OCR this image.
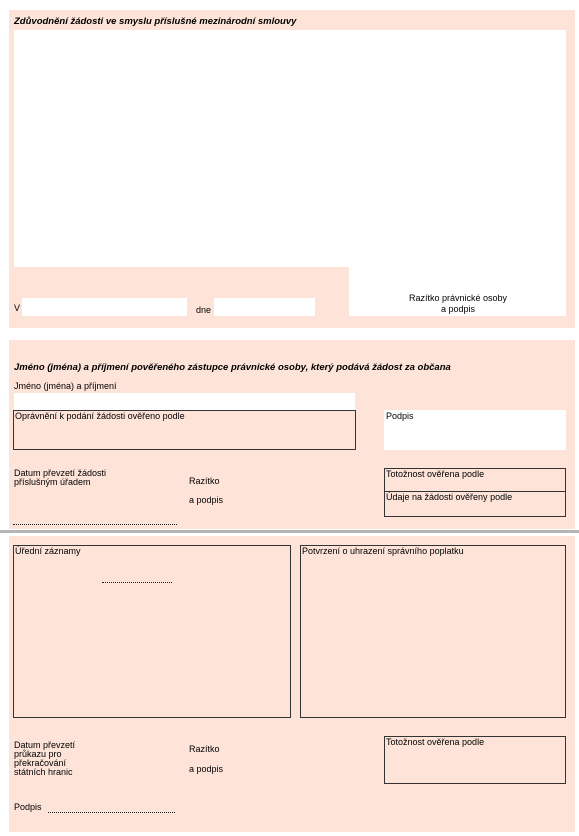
Zdůvodnění žádosti ve smyslu příslušné mezinárodní smlouvy
V	dne
Razítko právnické osoby
a podpis
Jméno (jména) a příjmení pověřeného zástupce právnické osoby, který podává žádost za občana
Jméno (jména) a příjmení
Oprávnění k podání žádosti ověřeno podle	Podpis
Datum převzetí žádosti
příslušným úřadem	Razítko
a podpis
Totožnost ověřena podle
Údaje na žádosti ověřeny podle
Úřední záznamy	Potvrzení o uhrazení správního poplatku
Datum převzetí
průkazu pro
překračování
státních hranic
Razítko
a podpis
Totožnost ověřena podle
Podpis
